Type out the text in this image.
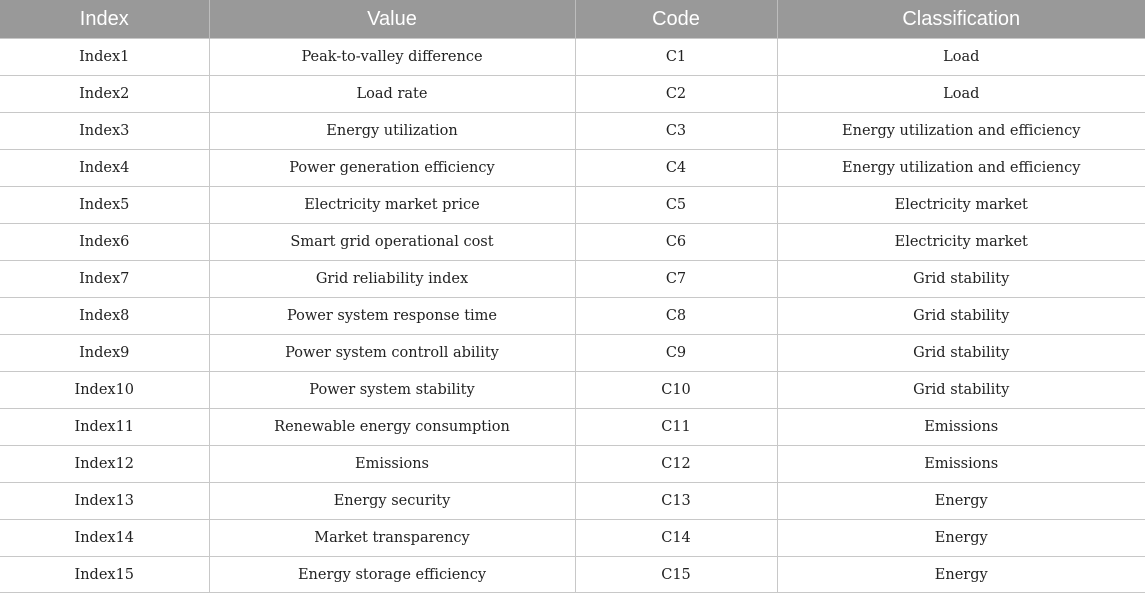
Index	Value	Code	Classification
Index1	Peak-to-valley difference	C1	Load
Index2	Load rate	C2	Load
Index3	Energy utilization	C3	Energy utilization and efficiency
Index4	Power generation efficiency	C4	Energy utilization and efficiency
Index5	Electricity market price	C5	Electricity market
Index6	Smart grid operational cost	C6	Electricity market
Index7	Grid reliability index	C7	Grid stability
Index8	Power system response time	C8	Grid stability
Index9	Power system controll ability	C9	Grid stability
Index10	Power system stability	C10	Grid stability
Index11	Renewable energy consumption	C11	Emissions
Index12	Emissions	C12	Emissions
Index13	Energy security	C13	Energy
Index14	Market transparency	C14	Energy
Index15	Energy storage efficiency	C15	Energy
